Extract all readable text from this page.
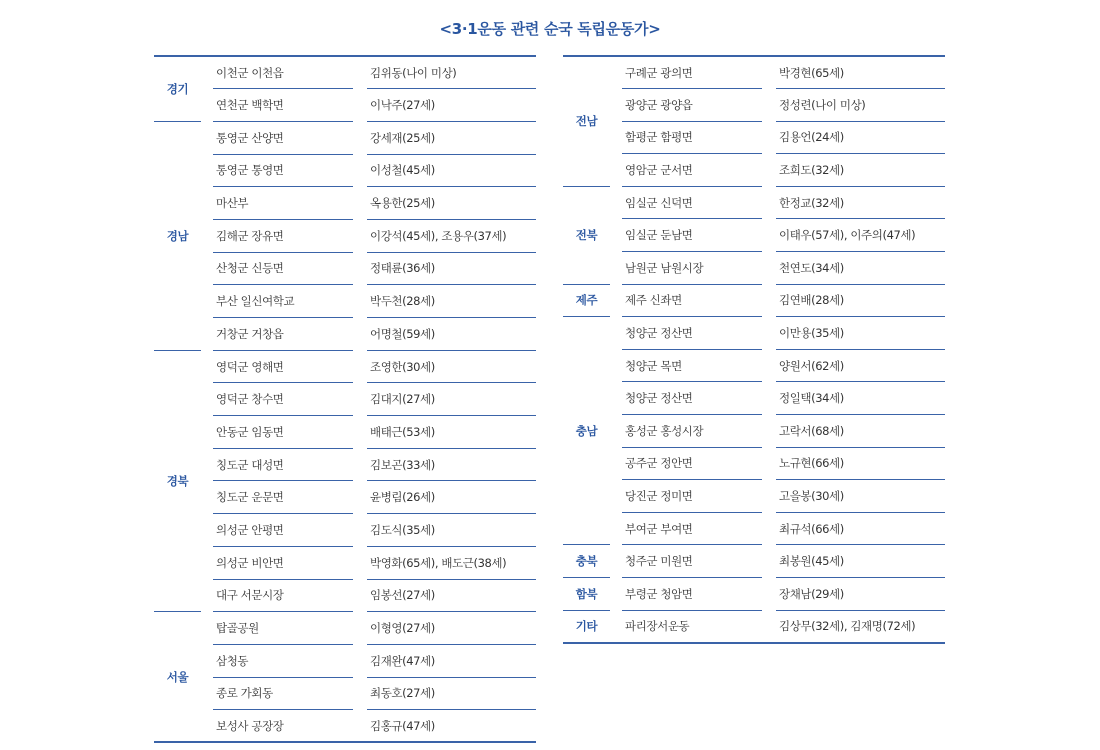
<3·1운동 관련 순국 독립운동가>
경기		이천군 이천읍		김위동(나이 미상)
		연천군 백학면		이낙주(27세)
경남		통영군 산양면		강세재(25세)
		통영군 통영면		이성철(45세)
		마산부		옥용한(25세)
		김해군 장유면		이강석(45세), 조용우(37세)
		산청군 신등면		정태륜(36세)
		부산 일신여학교		박두천(28세)
		거창군 거창읍		어명철(59세)
경북		영덕군 영해면		조영한(30세)
		영덕군 창수면		김대지(27세)
		안동군 임동면		배태근(53세)
		칭도군 대성면		김보곤(33세)
		칭도군 운문면		윤병림(26세)
		의성군 안평면		김도식(35세)
		의성군 비안면		박영화(65세), 배도근(38세)
		대구 서문시장		임봉선(27세)
서울		탑골공원		이형영(27세)
		삼청동		김재완(47세)
		종로 가회동		최동호(27세)
		보성사 공장장		김홍규(47세)
전남		구례군 광의면		박경현(65세)
		광양군 광양읍		정성련(나이 미상)
		함평군 함평면		김용언(24세)
		영암군 군서면		조희도(32세)
전북		임실군 신덕면		한정교(32세)
		임실군 둔남면		이태우(57세), 이주의(47세)
		남원군 남원시장		천연도(34세)
제주		제주 신좌면		김연배(28세)
충남		청양군 정산면		이만용(35세)
		청양군 목면		양원서(62세)
		청양군 정산면		정일택(34세)
		홍성군 홍성시장		고락서(68세)
		공주군 정안면		노규현(66세)
		당진군 정미면		고을봉(30세)
		부여군 부여면		최규석(66세)
충북		청주군 미원면		최봉원(45세)
함북		부령군 청암면		장채남(29세)
기타		파리장서운동		김상무(32세), 김재명(72세)
